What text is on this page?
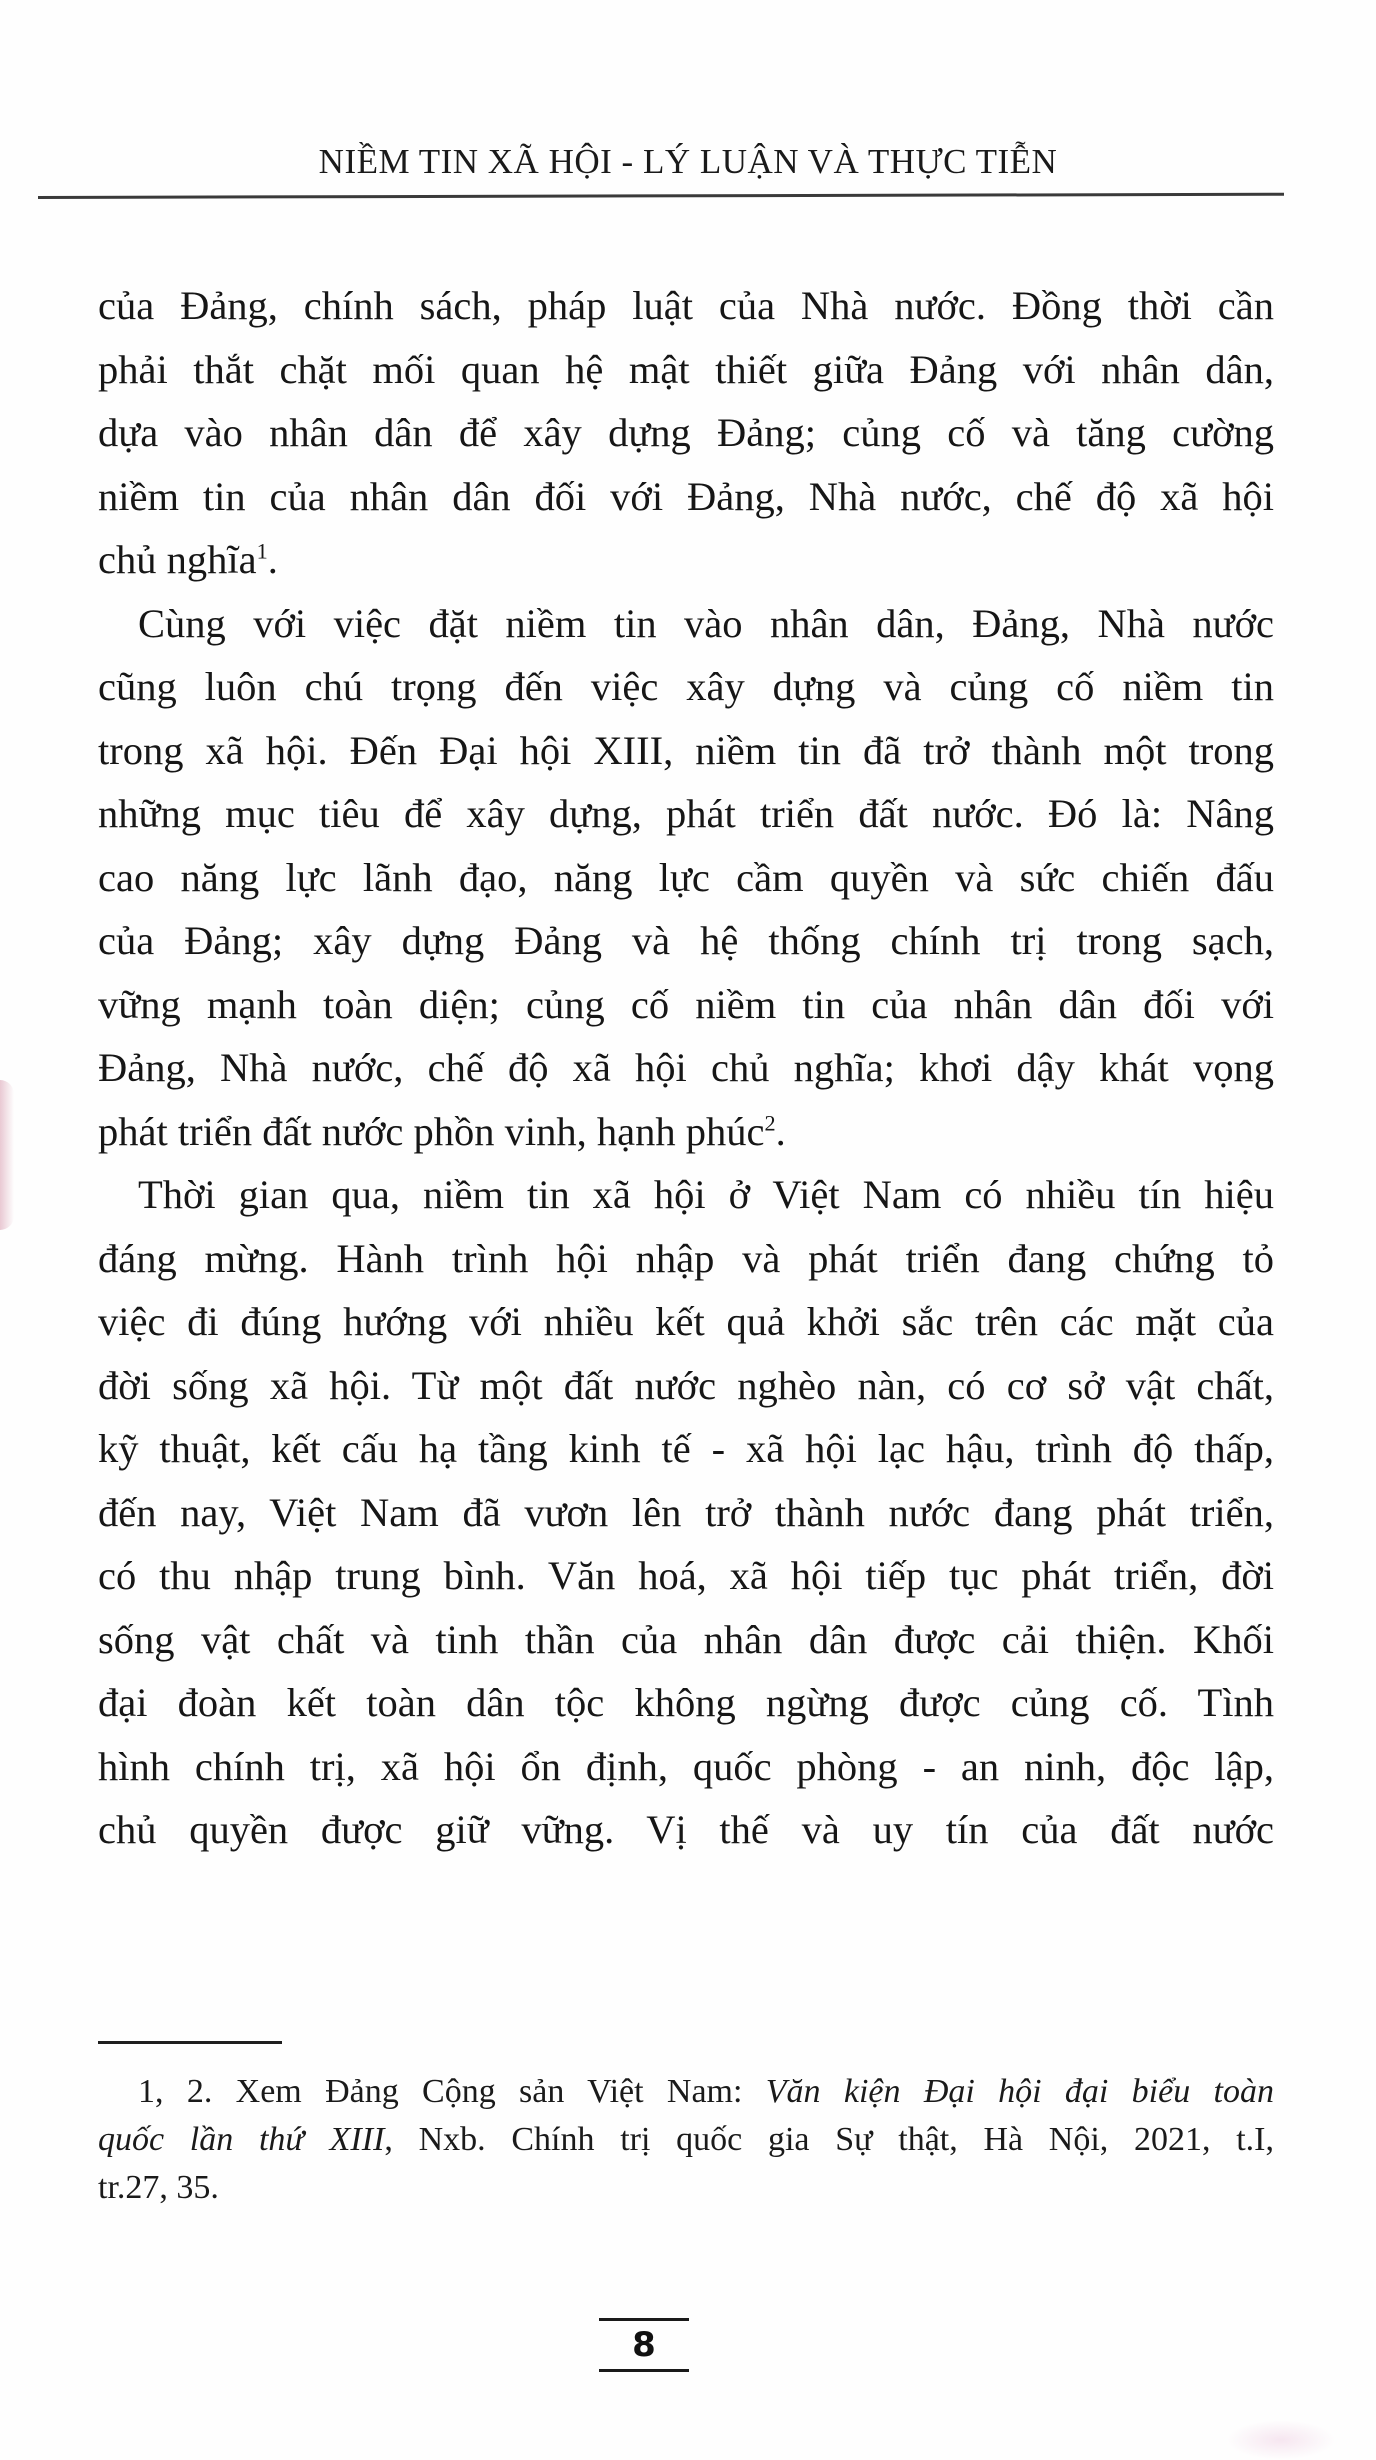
NIỀM TIN XÃ HỘI - LÝ LUẬN VÀ THỰC TIỄN

của Đảng, chính sách, pháp luật của Nhà nước. Đồng thời cần
phải thắt chặt mối quan hệ mật thiết giữa Đảng với nhân dân,
dựa vào nhân dân để xây dựng Đảng; củng cố và tăng cường
niềm tin của nhân dân đối với Đảng, Nhà nước, chế độ xã hội
chủ nghĩa$^1$.

Cùng với việc đặt niềm tin vào nhân dân, Đảng, Nhà nước
cũng luôn chú trọng đến việc xây dựng và củng cố niềm tin
trong xã hội. Đến Đại hội XIII, niềm tin đã trở thành một trong
những mục tiêu để xây dựng, phát triển đất nước. Đó là: Nâng
cao năng lực lãnh đạo, năng lực cầm quyền và sức chiến đấu
của Đảng; xây dựng Đảng và hệ thống chính trị trong sạch,
vững mạnh toàn diện; củng cố niềm tin của nhân dân đối với
Đảng, Nhà nước, chế độ xã hội chủ nghĩa; khơi dậy khát vọng
phát triển đất nước phồn vinh, hạnh phúc$^2$.

Thời gian qua, niềm tin xã hội ở Việt Nam có nhiều tín hiệu
đáng mừng. Hành trình hội nhập và phát triển đang chứng tỏ
việc đi đúng hướng với nhiều kết quả khởi sắc trên các mặt của
đời sống xã hội. Từ một đất nước nghèo nàn, có cơ sở vật chất,
kỹ thuật, kết cấu hạ tầng kinh tế - xã hội lạc hậu, trình độ thấp,
đến nay, Việt Nam đã vươn lên trở thành nước đang phát triển,
có thu nhập trung bình. Văn hoá, xã hội tiếp tục phát triển, đời
sống vật chất và tinh thần của nhân dân được cải thiện. Khối
đại đoàn kết toàn dân tộc không ngừng được củng cố. Tình
hình chính trị, xã hội ổn định, quốc phòng - an ninh, độc lập,
chủ quyền được giữ vững. Vị thế và uy tín của đất nước

1, 2. Xem Đảng Cộng sản Việt Nam: Văn kiện Đại hội đại biểu toàn
quốc lần thứ XIII, Nxb. Chính trị quốc gia Sự thật, Hà Nội, 2021, t.I,
tr.27, 35.
8
